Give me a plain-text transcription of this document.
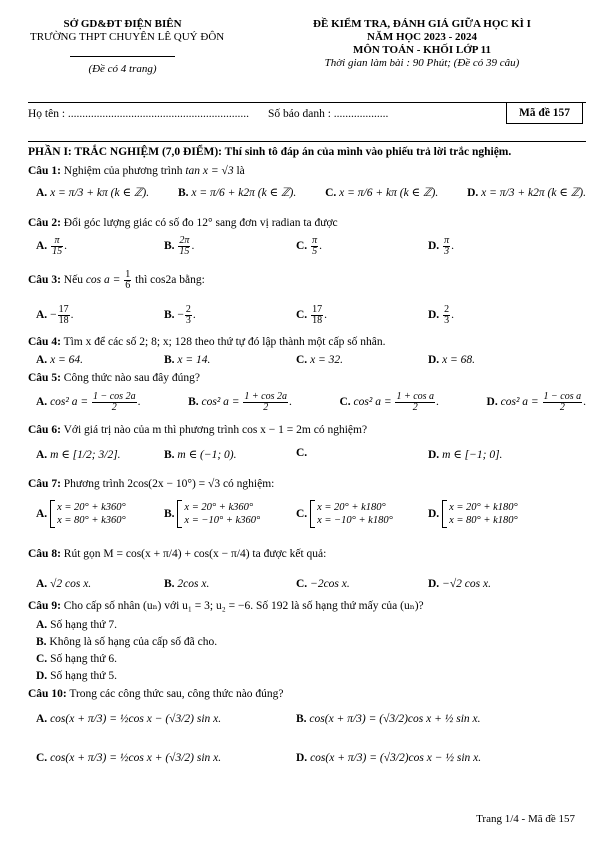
SỞ GD&ĐT ĐIỆN BIÊN
TRƯỜNG THPT CHUYÊN LÊ QUÝ ĐÔN
(Đề có 4 trang)
ĐỀ KIỂM TRA, ĐÁNH GIÁ GIỮA HỌC KÌ I
NĂM HỌC 2023 - 2024
MÔN TOÁN - KHỐI LỚP 11
Thời gian làm bài : 90 Phút; (Đề có 39 câu)
Họ tên : ............................................................... Số báo danh : ...................	Mã đề 157
PHẦN I: TRẮC NGHIỆM (7,0 ĐIỂM): Thí sinh tô đáp án của mình vào phiếu trả lời trắc nghiệm.
Câu 1: Nghiệm của phương trình tan x = √3 là
A. x = π/3 + kπ (k ∈ ℤ).	B. x = π/6 + k2π (k ∈ ℤ).	C. x = π/6 + kπ (k ∈ ℤ).	D. x = π/3 + k2π (k ∈ ℤ).
Câu 2: Đổi góc lượng giác có số đo 12° sang đơn vị radian ta được
A. $\frac{\pi}{15}$ .	B. $\frac{2\pi}{15}$ .	C. $\frac{\pi}{5}$ .	D. $\frac{\pi}{3}$ .
Câu 3: Nếu $\cos a = \frac{1}{6}$ thì cos2a bằng:
A. − $\frac{17}{18}$ .	B. − $\frac{2}{3}$ .	C. $\frac{17}{18}$ .	D. $\frac{2}{3}$ .
Câu 4: Tìm x để các số 2; 8; x; 128 theo thứ tự đó lập thành một cấp số nhân.
A. x = 64.	B. x = 14.	C. x = 32.	D. x = 68.
Câu 5: Công thức nào sau đây đúng?
A. cos² $a = \frac{1 - \cos 2a}{2}$ .	B. cos² $a = \frac{1 + \cos 2a}{2}$ .	C. cos² $a = \frac{\text{1 + cos a}}{2}$ .	D. cos² $a = \frac{\text{1 − cos a}}{2}$ .
Câu 6: Với giá trị nào của m thì phương trình cos x − 1 = 2m có nghiệm?
A. m ∈ [1/2; 3/2].	B. m ∈ (−1; 0).	C.	D. m ∈ [−1; 0].
Câu 7: Phương trình 2cos(2x − 10°) = √3 có nghiệm:
A.

x = 20° + k360°
x = 80° + k360°
B.

x = 20° + k360°
x = −10° + k360°
C.

x = 20° + k180°
x = −10° + k180°
D.

x = 20° + k180°
x = 80° + k180°
Câu 8: Rút gọn M = cos(x + π/4) + cos(x − π/4) ta được kết quả:
A. √2 cos x.	B. 2cos x.	C. −2cos x.	D. −√2 cos x.
Câu 9: Cho cấp số nhân (uₙ) với u₁ = 3; u₂ = −6. Số 192 là số hạng thứ mấy của (uₙ)?
A. Số hạng thứ 7.
B. Không là số hạng của cấp số đã cho.
C. Số hạng thứ 6.
D. Số hạng thứ 5.
Câu 10: Trong các công thức sau, công thức nào đúng?
A. cos(x + π/3) = ½cos x − (√3/2) sin x.	B. cos(x + π/3) = (√3/2)cos x + ½ sin x.
C. cos(x + π/3) = ½cos x + (√3/2) sin x.	D. cos(x + π/3) = (√3/2)cos x − ½ sin x.
Trang 1/4 - Mã đề 157
